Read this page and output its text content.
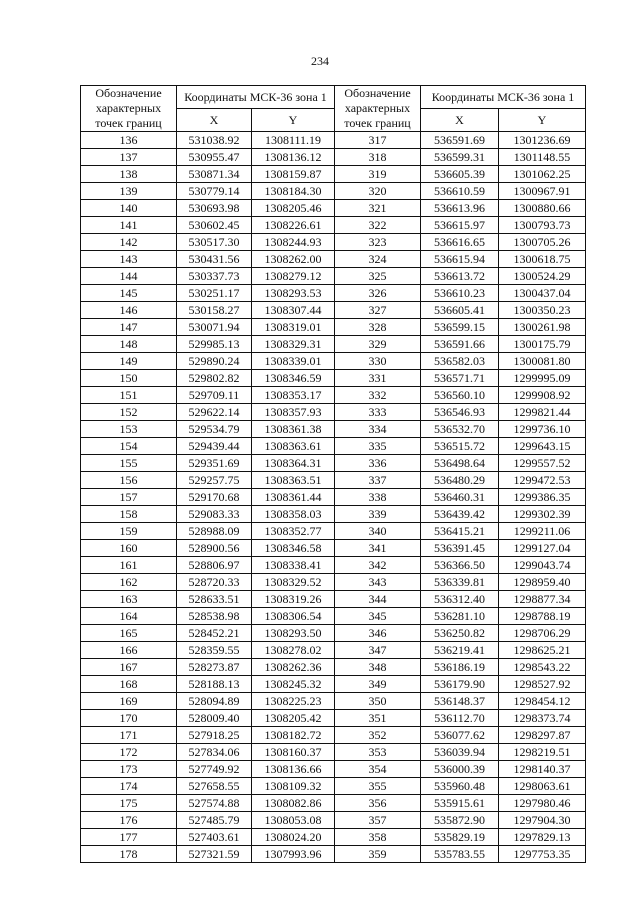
234
Обозначение характерных точек границ	Координаты МСК-36 зона 1		Обозначение характерных точек границ	Координаты МСК-36 зона 1	
	X	Y		X	Y
136	531038.92	1308111.19	317	536591.69	1301236.69
137	530955.47	1308136.12	318	536599.31	1301148.55
138	530871.34	1308159.87	319	536605.39	1301062.25
139	530779.14	1308184.30	320	536610.59	1300967.91
140	530693.98	1308205.46	321	536613.96	1300880.66
141	530602.45	1308226.61	322	536615.97	1300793.73
142	530517.30	1308244.93	323	536616.65	1300705.26
143	530431.56	1308262.00	324	536615.94	1300618.75
144	530337.73	1308279.12	325	536613.72	1300524.29
145	530251.17	1308293.53	326	536610.23	1300437.04
146	530158.27	1308307.44	327	536605.41	1300350.23
147	530071.94	1308319.01	328	536599.15	1300261.98
148	529985.13	1308329.31	329	536591.66	1300175.79
149	529890.24	1308339.01	330	536582.03	1300081.80
150	529802.82	1308346.59	331	536571.71	1299995.09
151	529709.11	1308353.17	332	536560.10	1299908.92
152	529622.14	1308357.93	333	536546.93	1299821.44
153	529534.79	1308361.38	334	536532.70	1299736.10
154	529439.44	1308363.61	335	536515.72	1299643.15
155	529351.69	1308364.31	336	536498.64	1299557.52
156	529257.75	1308363.51	337	536480.29	1299472.53
157	529170.68	1308361.44	338	536460.31	1299386.35
158	529083.33	1308358.03	339	536439.42	1299302.39
159	528988.09	1308352.77	340	536415.21	1299211.06
160	528900.56	1308346.58	341	536391.45	1299127.04
161	528806.97	1308338.41	342	536366.50	1299043.74
162	528720.33	1308329.52	343	536339.81	1298959.40
163	528633.51	1308319.26	344	536312.40	1298877.34
164	528538.98	1308306.54	345	536281.10	1298788.19
165	528452.21	1308293.50	346	536250.82	1298706.29
166	528359.55	1308278.02	347	536219.41	1298625.21
167	528273.87	1308262.36	348	536186.19	1298543.22
168	528188.13	1308245.32	349	536179.90	1298527.92
169	528094.89	1308225.23	350	536148.37	1298454.12
170	528009.40	1308205.42	351	536112.70	1298373.74
171	527918.25	1308182.72	352	536077.62	1298297.87
172	527834.06	1308160.37	353	536039.94	1298219.51
173	527749.92	1308136.66	354	536000.39	1298140.37
174	527658.55	1308109.32	355	535960.48	1298063.61
175	527574.88	1308082.86	356	535915.61	1297980.46
176	527485.79	1308053.08	357	535872.90	1297904.30
177	527403.61	1308024.20	358	535829.19	1297829.13
178	527321.59	1307993.96	359	535783.55	1297753.35
